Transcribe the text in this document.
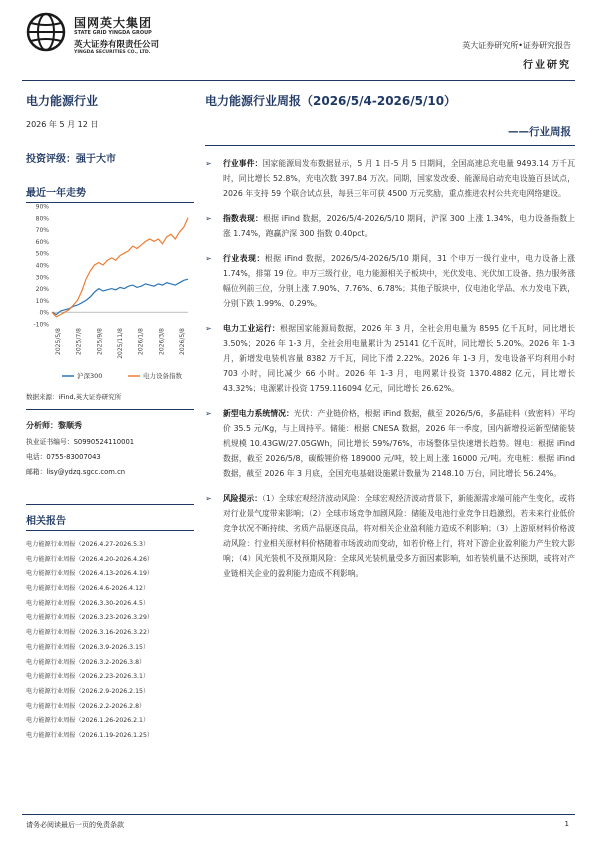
国网英大集团
STATE GRID YINGDA GROUP
英大证券有限责任公司
YINGDA SECURITIES CO., LTD.
英大证券研究所•证券研究报告
行业研究
电力能源行业
2026 年 5 月 12 日
投资评级：强于大市
最近一年走势
90%
80%
70%
60%
50%
40%
30%
20%
10%
0%
-10%
2025/5/8 2025/7/8 2025/9/8 2025/11/8 2026/1/8 2026/3/8 2026/5/8
沪深300	电力设备指数
数据来源：iFind,英大证券研究所
分析师：黎顺秀
执业证书编号：S0990524110001
电话：0755-83007043
邮箱：lisy@ydzq.sgcc.com.cn
相关报告
电力能源行业周报（2026.4.27-2026.5.3）
电力能源行业周报（2026.4.20-2026.4.26）
电力能源行业周报（2026.4.13-2026.4.19）
电力能源行业周报（2026.4.6-2026.4.12）
电力能源行业周报（2026.3.30-2026.4.5）
电力能源行业周报（2026.3.23-2026.3.29）
电力能源行业周报（2026.3.16-2026.3.22）
电力能源行业周报（2026.3.9-2026.3.15）
电力能源行业周报（2026.3.2-2026.3.8）
电力能源行业周报（2026.2.23-2026.3.1）
电力能源行业周报（2026.2.9-2026.2.15）
电力能源行业周报（2026.2.2-2026.2.8）
电力能源行业周报（2026.1.26-2026.2.1）
电力能源行业周报（2026.1.19-2026.1.25）
电力能源行业周报（2026/5/4-2026/5/10）
——行业周报
➢ 行业事件：国家能源局发布数据显示，5 月 1 日-5 月 5 日期间，全国高速总充电量 9493.14 万千瓦时，同比增长 52.8%，充电次数 397.84 万次。同期，国家发改委、能源局启动充电设施百县试点，2026 年支持 59 个联合试点县，每县三年可获 4500 万元奖励，重点推进农村公共充电网络建设。
➢ 指数表现：根据 iFind 数据，2026/5/4-2026/5/10 期间，沪深 300 上涨 1.34%，电力设备指数上涨 1.74%，跑赢沪深 300 指数 0.40pct。
➢ 行业表现：根据 iFind 数据，2026/5/4-2026/5/10 期间，31 个申万一级行业中，电力设备上涨 1.74%，排第 19 位。申万三级行业，电力能源相关子板块中，光伏发电、光伏加工设备、热力服务涨幅位列前三位，分别上涨 7.90%、7.76%、6.78%；其他子版块中，仪电池化学品、水力发电下跌，分别下跌 1.99%、0.29%。
➢ 电力工业运行：根据国家能源局数据，2026 年 3 月，全社会用电量为 8595 亿千瓦时，同比增长 3.50%；2026 年 1-3 月，全社会用电量累计为 25141 亿千瓦时，同比增长 5.20%。2026 年 1-3 月，新增发电装机容量 8382 万千瓦，同比下滑 2.22%。2026 年 1-3 月，发电设备平均利用小时 703 小时，同比减少 66 小时。2026 年 1-3 月，电网累计投资 1370.4882 亿元，同比增长 43.32%；电源累计投资 1759.116094 亿元，同比增长 26.62%。
➢ 新型电力系统情况：光伏：产业链价格，根据 iFind 数据，截至 2026/5/6，多晶硅料（致密料）平均价 35.5 元/Kg，与上周持平。储能：根据 CNESA 数据，2026 年一季度，国内新增投运新型储能装机规模 10.43GW/27.05GWh，同比增长 59%/76%，市场整体呈快速增长趋势。锂电：根据 iFind 数据，截至 2026/5/8，碳酸锂价格 189000 元/吨，较上周上涨 16000 元/吨。充电桩：根据 iFind 数据，截至 2026 年 3 月底，全国充电基础设施累计数量为 2148.10 万台，同比增长 56.24%。
➢ 风险提示：（1）全球宏观经济波动风险：全球宏观经济波动背景下，新能源需求端可能产生变化，或将对行业景气度带来影响；（2）全球市场竞争加剧风险：储能及电池行业竞争日趋激烈，若未来行业低价竞争状况不断持续、劣质产品驱逐良品，将对相关企业盈利能力造成不利影响；（3）上游原材料价格波动风险：行业相关原材料价格随着市场波动而变动，如若价格上行，将对下游企业盈利能力产生较大影响；（4）风光装机不及预期风险：全球风光装机量受多方面因素影响，如若装机量不达预期，或将对产业链相关企业的盈利能力造成不利影响。
请务必阅读最后一页的免责条款	1
